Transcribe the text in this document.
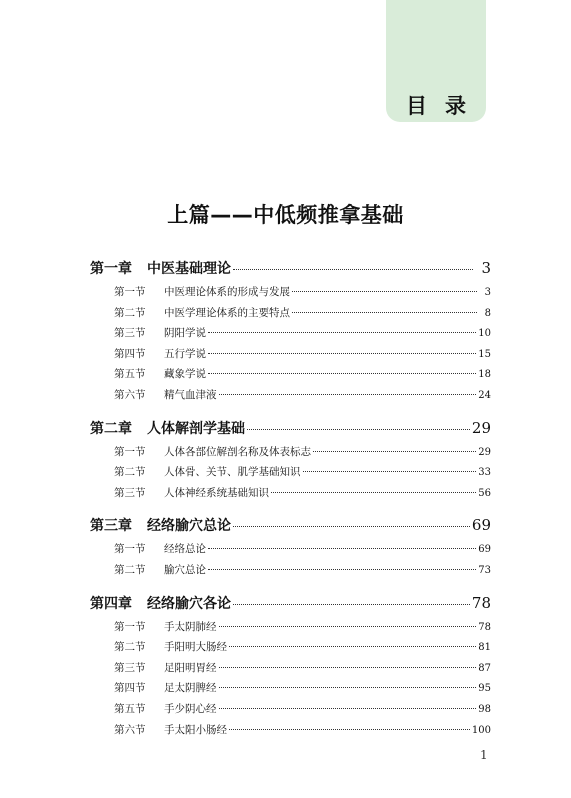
目录
上篇——中低频推拿基础
第一章	中医基础理论	3
第一节	中医理论体系的形成与发展	3
第二节	中医学理论体系的主要特点	8
第三节	阴阳学说	10
第四节	五行学说	15
第五节	藏象学说	18
第六节	精气血津液	24
第二章	人体解剖学基础	29
第一节	人体各部位解剖名称及体表标志	29
第二节	人体骨、关节、肌学基础知识	33
第三节	人体神经系统基础知识	56
第三章	经络腧穴总论	69
第一节	经络总论	69
第二节	腧穴总论	73
第四章	经络腧穴各论	78
第一节	手太阴肺经	78
第二节	手阳明大肠经	81
第三节	足阳明胃经	87
第四节	足太阴脾经	95
第五节	手少阴心经	98
第六节	手太阳小肠经	100
1
